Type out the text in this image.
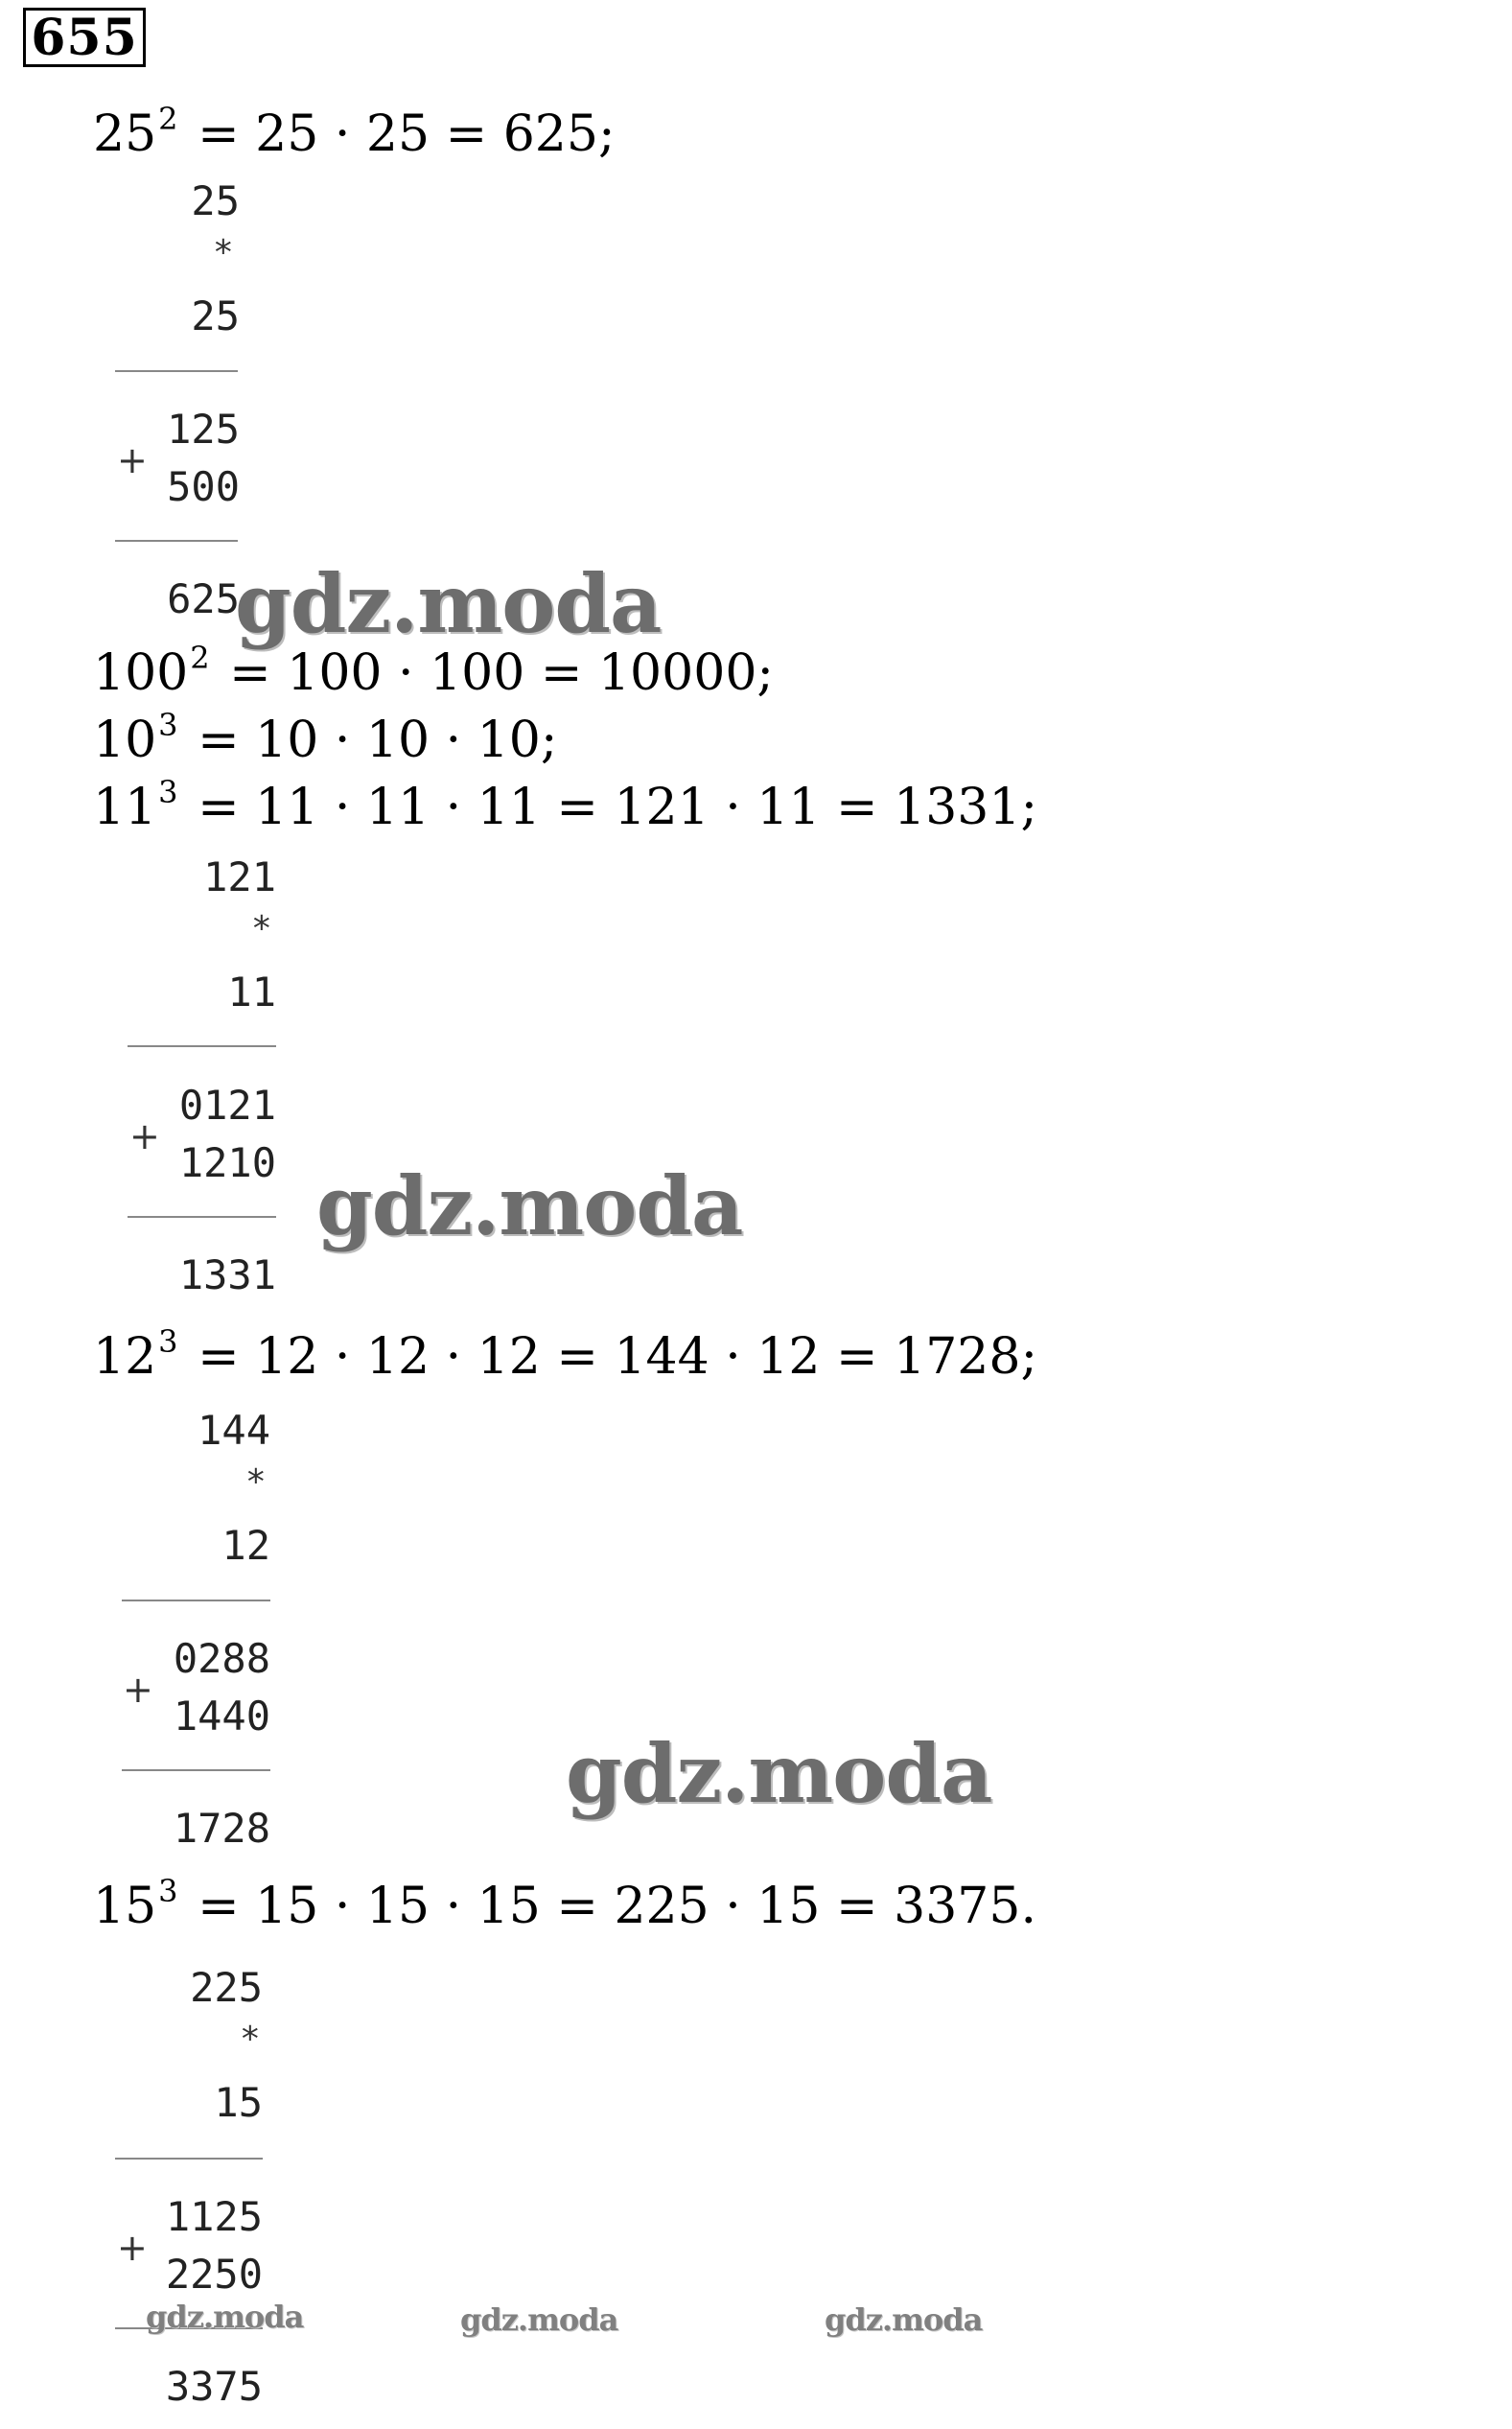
655
$25^2 = 25 \cdot 25 = 625$;
25
*
25
125
+
500
625
gdz.moda
$100^2 = 100 \cdot 100 = 10000$;
$10^3 = 10 \cdot 10 \cdot 10$;
$11^3 = 11 \cdot 11 \cdot 11 = 121 \cdot 11 = 1331$;
121
*
11
0121
+
1210
1331
gdz.moda
$12^3 = 12 \cdot 12 \cdot 12 = 144 \cdot 12 = 1728$;
144
*
12
0288
+
1440
1728
gdz.moda
$15^3 = 15 \cdot 15 \cdot 15 = 225 \cdot 15 = 3375$.
225
*
15
1125
+
2250
3375
gdz.moda	gdz.moda	gdz.moda
